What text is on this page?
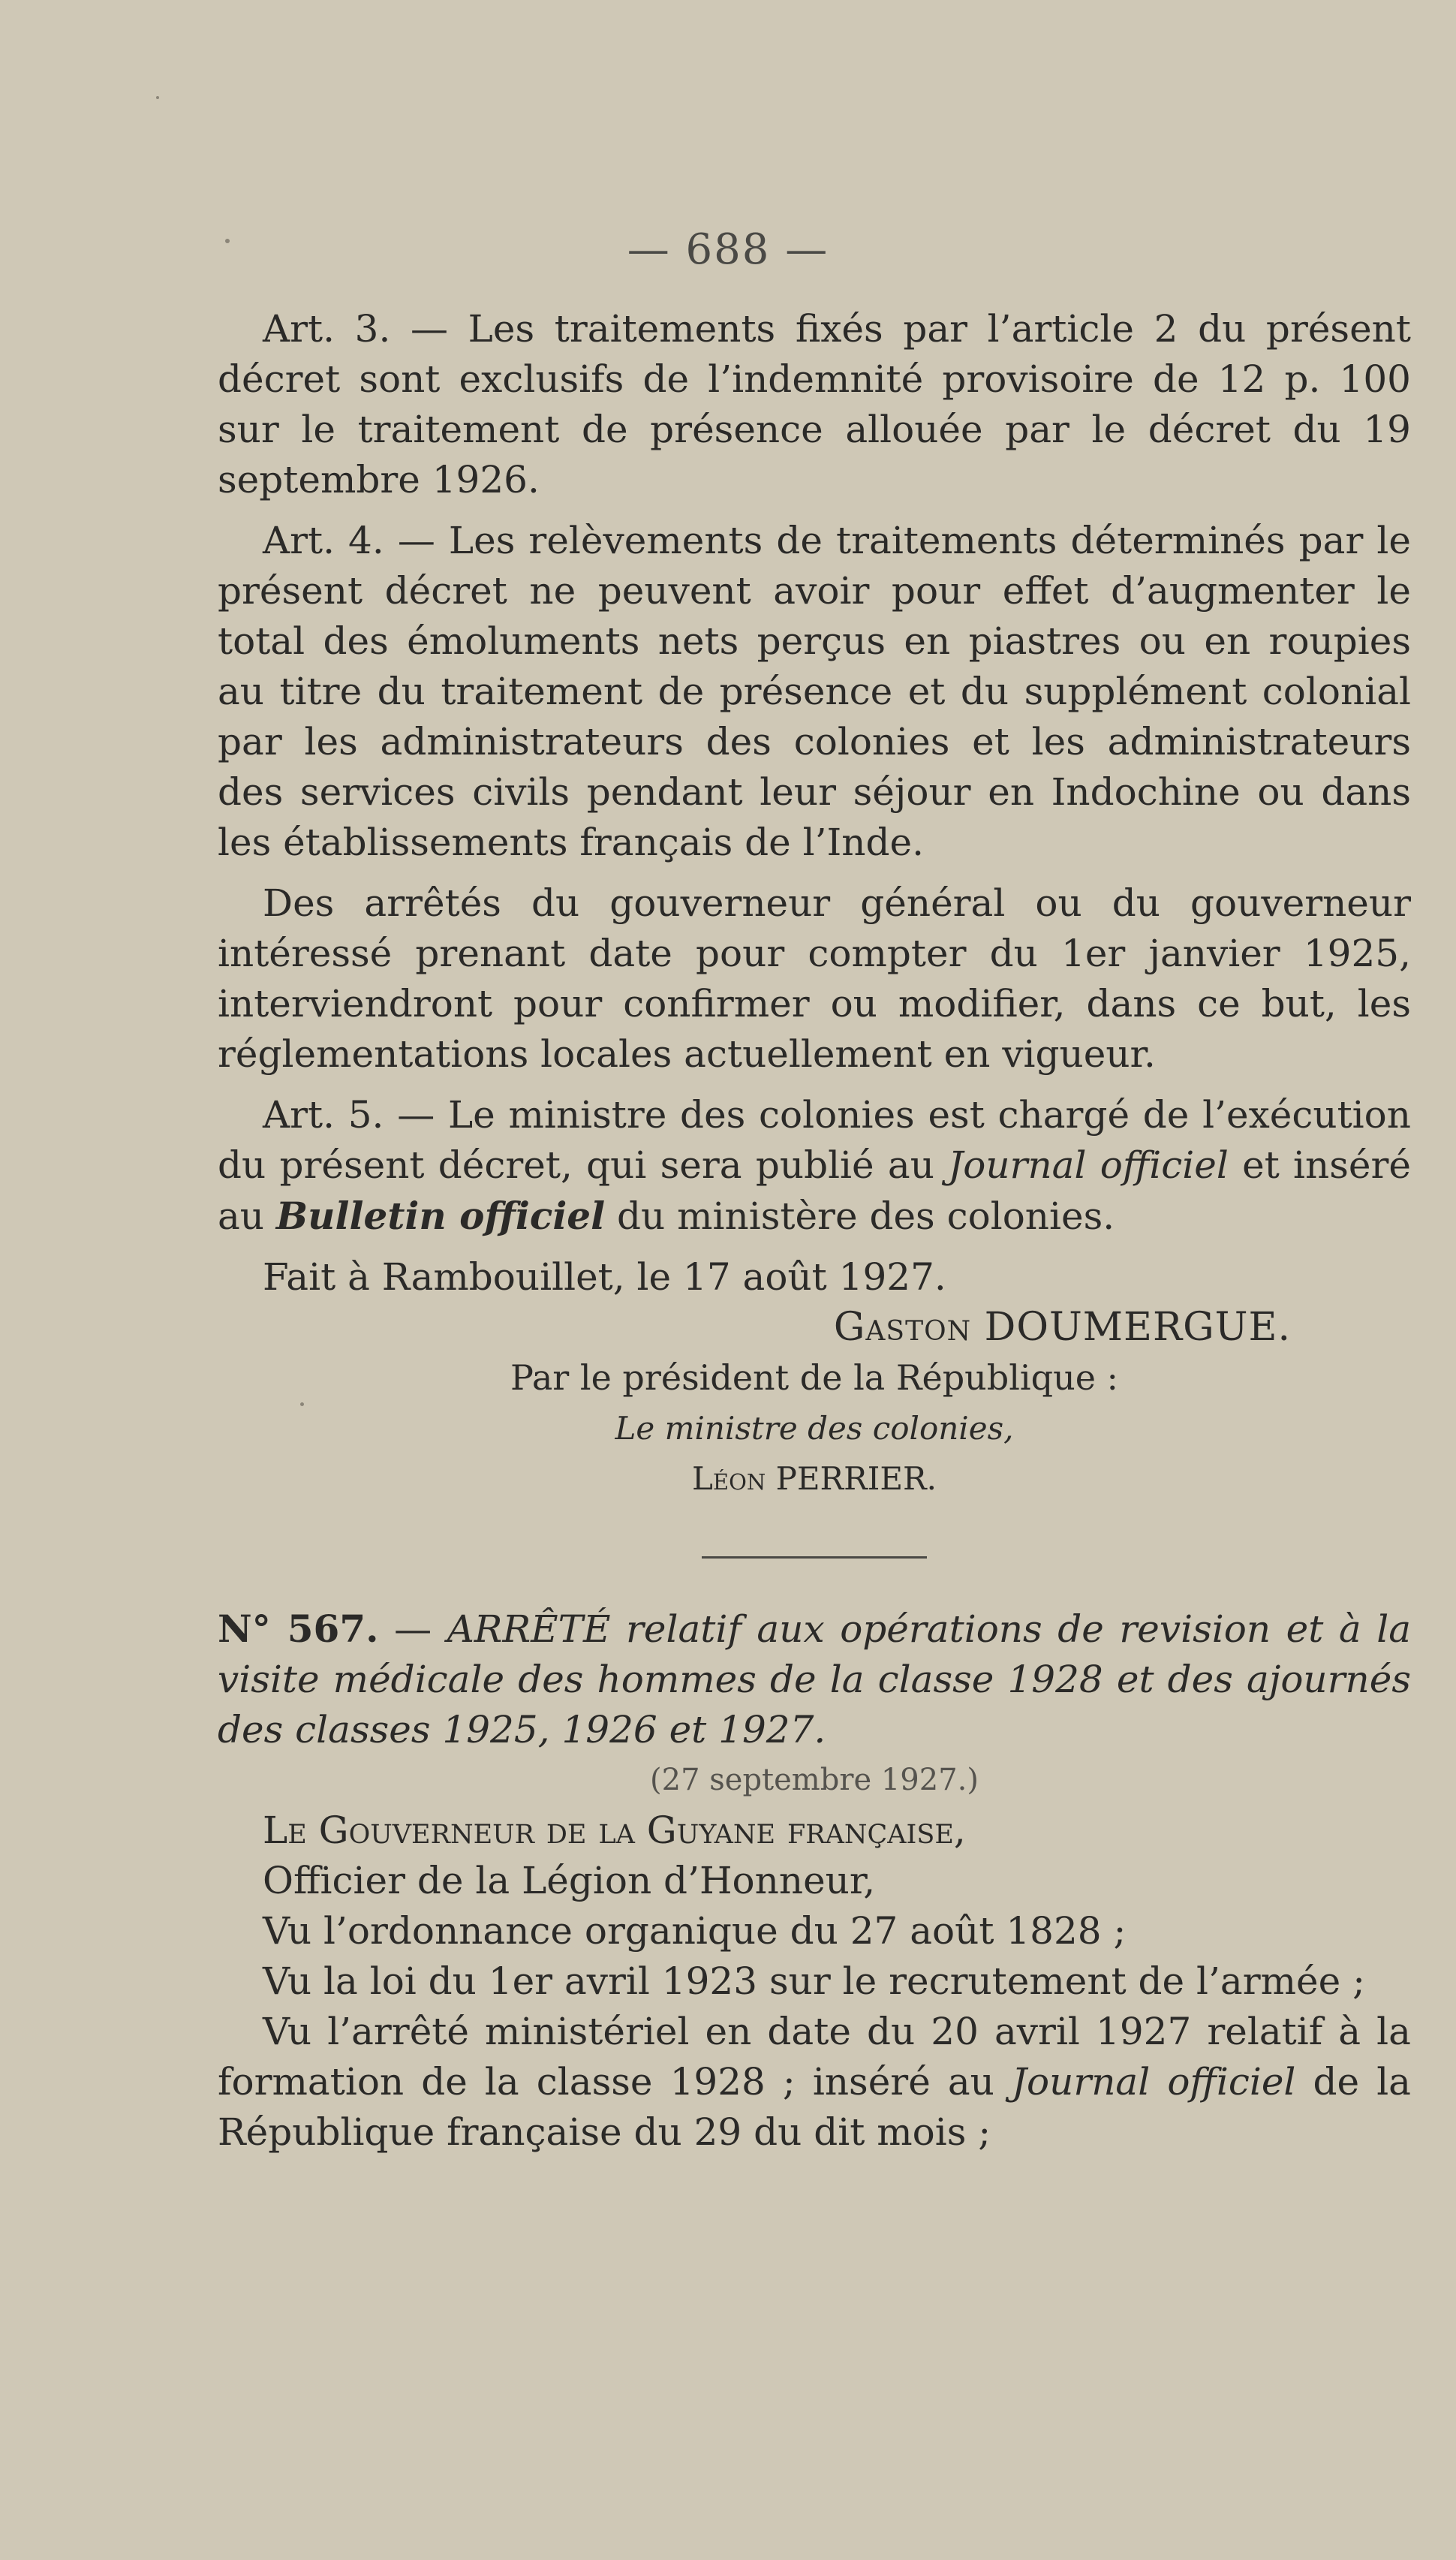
— 688 —

Art. 3. — Les traitements fixés par l’article 2 du présent décret sont exclusifs de l’indemnité provisoire de 12 p. 100 sur le traitement de présence allouée par le décret du 19 septembre 1926.

Art. 4. — Les relèvements de traitements déterminés par le présent décret ne peuvent avoir pour effet d’augmenter le total des émoluments nets perçus en piastres ou en roupies au titre du traitement de présence et du supplément colonial par les administrateurs des colonies et les administrateurs des services civils pendant leur séjour en Indochine ou dans les établissements français de l’Inde.

Des arrêtés du gouverneur général ou du gouverneur intéressé prenant date pour compter du 1er janvier 1925, interviendront pour confirmer ou modifier, dans ce but, les réglementations locales actuellement en vigueur.

Art. 5. — Le ministre des colonies est chargé de l’exécution du présent décret, qui sera publié au Journal officiel et inséré au Bulletin officiel du ministère des colonies.

Fait à Rambouillet, le 17 août 1927.

Gaston DOUMERGUE.

Par le président de la République :

Le ministre des colonies,

Léon PERRIER.

N° 567. — ARRÊTÉ relatif aux opérations de revision et à la visite médicale des hommes de la classe 1928 et des ajournés des classes 1925, 1926 et 1927.

(27 septembre 1927.)

Le Gouverneur de la Guyane française,

Officier de la Légion d’Honneur,

Vu l’ordonnance organique du 27 août 1828 ;

Vu la loi du 1er avril 1923 sur le recrutement de l’armée ;

Vu l’arrêté ministériel en date du 20 avril 1927 relatif à la formation de la classe 1928 ; inséré au Journal officiel de la République française du 29 du dit mois ;
